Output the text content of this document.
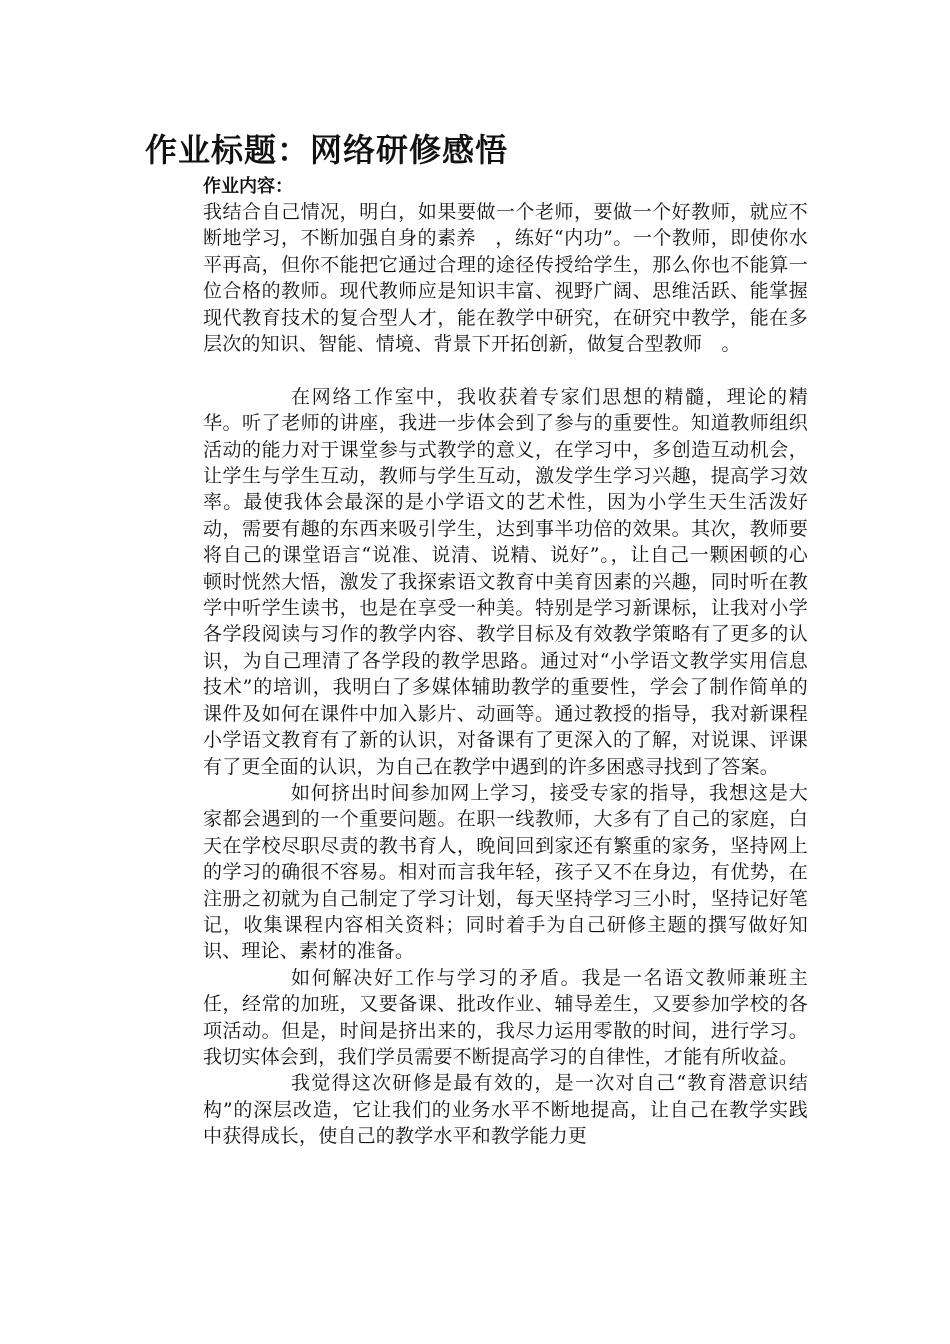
作业标题：网络研修感悟
作业内容：

我结合自己情况，明白，如果要做一个老师，要做一个好教师，就应不断地学习，不断加强自身的素养　，练好“内功”。一个教师，即使你水平再高，但你不能把它通过合理的途径传授给学生，那么你也不能算一位合格的教师。现代教师应是知识丰富、视野广阔、思维活跃、能掌握现代教育技术的复合型人才，能在教学中研究，在研究中教学，能在多层次的知识、智能、情境、背景下开拓创新，做复合型教师　。

在网络工作室中，我收获着专家们思想的精髓，理论的精华。听了老师的讲座，我进一步体会到了参与的重要性。知道教师组织活动的能力对于课堂参与式教学的意义，在学习中，多创造互动机会，让学生与学生互动，教师与学生互动，激发学生学习兴趣，提高学习效率。最使我体会最深的是小学语文的艺术性，因为小学生天生活泼好动，需要有趣的东西来吸引学生，达到事半功倍的效果。其次，教师要将自己的课堂语言“说准、说清、说精、说好”。，让自己一颗困顿的心顿时恍然大悟，激发了我探索语文教育中美育因素的兴趣，同时听在教学中听学生读书，也是在享受一种美。特别是学习新课标，让我对小学各学段阅读与习作的教学内容、教学目标及有效教学策略有了更多的认识，为自己理清了各学段的教学思路。通过对“小学语文教学实用信息技术”的培训，我明白了多媒体辅助教学的重要性，学会了制作简单的课件及如何在课件中加入影片、动画等。通过教授的指导，我对新课程小学语文教育有了新的认识，对备课有了更深入的了解，对说课、评课有了更全面的认识，为自己在教学中遇到的许多困惑寻找到了答案。

如何挤出时间参加网上学习，接受专家的指导，我想这是大家都会遇到的一个重要问题。在职一线教师，大多有了自己的家庭，白天在学校尽职尽责的教书育人，晚间回到家还有繁重的家务，坚持网上的学习的确很不容易。相对而言我年轻，孩子又不在身边，有优势，在注册之初就为自己制定了学习计划，每天坚持学习三小时，坚持记好笔记，收集课程内容相关资料；同时着手为自己研修主题的撰写做好知识、理论、素材的准备。

如何解决好工作与学习的矛盾。我是一名语文教师兼班主任，经常的加班，又要备课、批改作业、辅导差生，又要参加学校的各项活动。但是，时间是挤出来的，我尽力运用零散的时间，进行学习。我切实体会到，我们学员需要不断提高学习的自律性，才能有所收益。

我觉得这次研修是最有效的，是一次对自己“教育潜意识结构”的深层改造，它让我们的业务水平不断地提高，让自己在教学实践中获得成长，使自己的教学水平和教学能力更
